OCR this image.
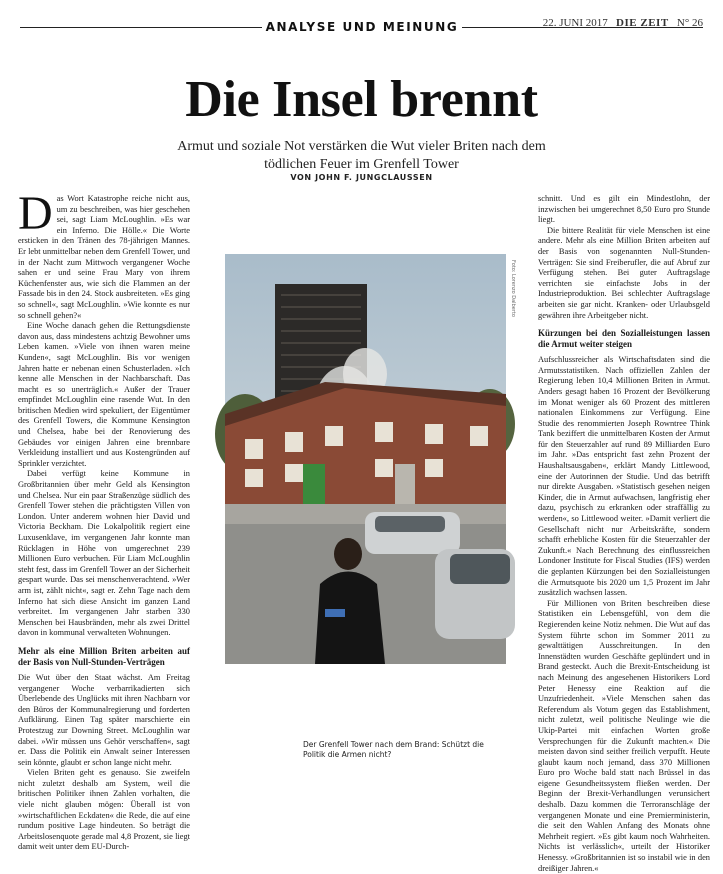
ANALYSE UND MEINUNG	22. JUNI 2017 DIE ZEIT N° 26
Die Insel brennt
Armut und soziale Not verstärken die Wut vieler Briten nach dem tödlichen Feuer im Grenfell Tower
VON JOHN F. JUNGCLAUSSEN

Das Wort Katastrophe reiche nicht aus, um zu beschreiben, was hier geschehen sei, sagt Liam McLoughlin. »Es war ein Inferno. Die Hölle.« Die Worte ersticken in den Tränen des 78-jährigen Mannes. Er lebt unmittelbar neben dem Grenfell Tower, und in der Nacht zum Mittwoch vergangener Woche sahen er und seine Frau Mary von ihrem Küchenfenster aus, wie sich die Flammen an der Fassade bis in den 24. Stock ausbreiteten. »Es ging so schnell«, sagt McLoughlin. »Wie konnte es nur so schnell gehen?«

Eine Woche danach gehen die Rettungsdienste davon aus, dass mindestens achtzig Bewohner ums Leben kamen. »Viele von ihnen waren meine Kunden«, sagt McLoughlin. Bis vor wenigen Jahren hatte er nebenan einen Schusterladen. »Ich kenne alle Menschen in der Nachbarschaft. Das macht es so unerträglich.« Außer der Trauer empfindet McLoughlin eine rasende Wut. In den britischen Medien wird spekuliert, der Eigentümer des Grenfell Towers, die Kommune Kensington und Chelsea, habe bei der Renovierung des Gebäudes vor einigen Jahren eine brennbare Verkleidung installiert und aus Kostengründen auf Sprinkler verzichtet.

Dabei verfügt keine Kommune in Großbritannien über mehr Geld als Kensington und Chelsea. Nur ein paar Straßenzüge südlich des Grenfell Tower stehen die prächtigsten Villen von London. Unter anderem wohnen hier David und Victoria Beckham. Die Lokalpolitik regiert eine Luxusenklave, im vergangenen Jahr konnte man Rücklagen in Höhe von umgerechnet 239 Millionen Euro verbuchen. Für Liam McLoughlin steht fest, dass im Grenfell Tower an der Sicherheit gespart wurde. Das sei menschenverachtend. »Wer arm ist, zählt nicht«, sagt er. Zehn Tage nach dem Inferno hat sich diese Ansicht im ganzen Land verbreitet. Im vergangenen Jahr starben 330 Menschen bei Hausbränden, mehr als zwei Drittel davon in kommunal verwalteten Wohnungen.

Mehr als eine Million Briten arbeiten auf der Basis von Null-Stunden-Verträgen

Die Wut über den Staat wächst. Am Freitag vergangener Woche verbarrikadierten sich Überlebende des Unglücks mit ihren Nachbarn vor den Büros der Kommunalregierung und forderten Aufklärung. Einen Tag später marschierte ein Protestzug zur Downing Street. McLoughlin war dabei. »Wir müssen uns Gehör verschaffen«, sagt er. Dass die Politik ein Anwalt seiner Interessen sein könnte, glaubt er schon lange nicht mehr.

Vielen Briten geht es genauso. Sie zweifeln nicht zuletzt deshalb am System, weil die britischen Politiker ihnen Zahlen vorhalten, die viele nicht glauben mögen: Überall ist von »wirtschaftlichen Eckdaten« die Rede, die auf eine rundum positive Lage hindeuten. So beträgt die Arbeitslosenquote gerade mal 4,8 Prozent, sie liegt damit weit unter dem EU-Durch-

Foto: Lorenzo Dalberto
Der Grenfell Tower nach dem Brand: Schützt die Politik die Armen nicht?

schnitt. Und es gilt ein Mindestlohn, der inzwischen bei umgerechnet 8,50 Euro pro Stunde liegt.

Die bittere Realität für viele Menschen ist eine andere. Mehr als eine Million Briten arbeiten auf der Basis von sogenannten Null-Stunden-Verträgen: Sie sind Freiberufler, die auf Abruf zur Verfügung stehen. Bei guter Auftragslage verrichten sie einfachste Jobs in der Industrieproduktion. Bei schlechter Auftragslage arbeiten sie gar nicht. Kranken- oder Urlaubsgeld gewähren ihre Arbeitgeber nicht.

Kürzungen bei den Sozialleistungen lassen die Armut weiter steigen

Aufschlussreicher als Wirtschaftsdaten sind die Armutsstatistiken. Nach offiziellen Zahlen der Regierung leben 10,4 Millionen Briten in Armut. Anders gesagt haben 16 Prozent der Bevölkerung im Monat weniger als 60 Prozent des mittleren nationalen Einkommens zur Verfügung. Eine Studie des renommierten Joseph Rowntree Think Tank beziffert die unmittelbaren Kosten der Armut für den Steuerzahler auf rund 89 Milliarden Euro im Jahr. »Das entspricht fast zehn Prozent der Haushaltsausgaben«, erklärt Mandy Littlewood, eine der Autorinnen der Studie. Und das betrifft nur direkte Ausgaben. »Statistisch gesehen neigen Kinder, die in Armut aufwachsen, langfristig eher dazu, psychisch zu erkranken oder straffällig zu werden«, so Littlewood weiter. »Damit verliert die Gesellschaft nicht nur Arbeitskräfte, sondern schafft erhebliche Kosten für die Steuerzahler der Zukunft.« Nach Berechnung des einflussreichen Londoner Institute for Fiscal Studies (IFS) werden die geplanten Kürzungen bei den Sozialleistungen die Armutsquote bis 2020 um 1,5 Prozent im Jahr zusätzlich wachsen lassen.

Für Millionen von Briten beschreiben diese Statistiken ein Lebensgefühl, von dem die Regierenden keine Notiz nehmen. Die Wut auf das System führte schon im Sommer 2011 zu gewalttätigen Ausschreitungen. In den Innenstädten wurden Geschäfte geplündert und in Brand gesteckt. Auch die Brexit-Entscheidung ist nach Meinung des angesehenen Historikers Lord Peter Henessy eine Reaktion auf die Unzufriedenheit. »Viele Menschen sahen das Referendum als Votum gegen das Establishment, nicht zuletzt, weil politische Neulinge wie die Ukip-Partei mit einfachen Worten große Versprechungen für die Zukunft machten.« Die meisten davon sind seither freilich verpufft. Heute glaubt kaum noch jemand, dass 370 Millionen Euro pro Woche bald statt nach Brüssel in das eigene Gesundheitssystem fließen werden. Der Beginn der Brexit-Verhandlungen verunsichert deshalb. Dazu kommen die Terroranschläge der vergangenen Monate und eine Premierministerin, die seit den Wahlen Anfang des Monats ohne Mehrheit regiert. »Es gibt kaum noch Wahrheiten. Nichts ist verlässlich«, urteilt der Historiker Henessy. »Großbritannien ist so instabil wie in den dreißiger Jahren.«
